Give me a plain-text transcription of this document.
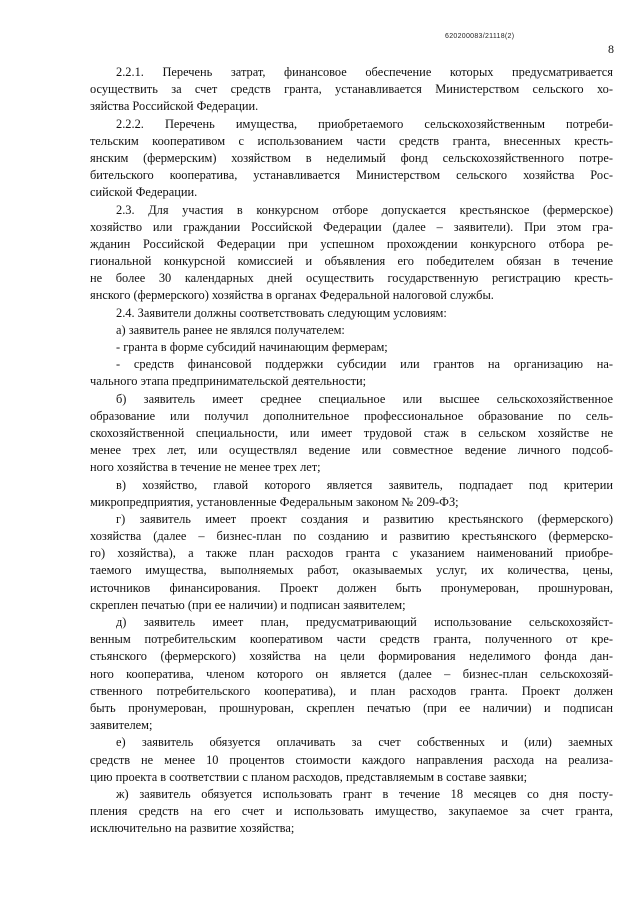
620200083/21118(2)
8
2.2.1. Перечень затрат, финансовое обеспечение которых предусматривается
осуществить за счет средств гранта, устанавливается Министерством сельского хо-
зяйства Российской Федерации.
2.2.2. Перечень имущества, приобретаемого сельскохозяйственным потреби-
тельским кооперативом с использованием части средств гранта, внесенных кресть-
янским (фермерским) хозяйством в неделимый фонд сельскохозяйственного потре-
бительского кооператива, устанавливается Министерством сельского хозяйства Рос-
сийской Федерации.
2.3. Для участия в конкурсном отборе допускается крестьянское (фермерское)
хозяйство или граждании Российской Федерации (далее – заявители). При этом гра-
жданин Российской Федерации при успешном прохождении конкурсного отбора ре-
гиональной конкурсной комиссией и объявления его победителем обязан в течение
не более 30 календарных дней осуществить государственную регистрацию кресть-
янского (фермерского) хозяйства в органах Федеральной налоговой службы.
2.4. Заявители должны соответствовать следующим условиям:
а) заявитель ранее не являлся получателем:
- гранта в форме субсидий начинающим фермерам;
- средств финансовой поддержки субсидии или грантов на организацию на-
чального этапа предпринимательской деятельности;
б) заявитель имеет среднее специальное или высшее сельскохозяйственное
образование или получил дополнительное профессиональное образование по сель-
скохозяйственной специальности, или имеет трудовой стаж в сельском хозяйстве не
менее трех лет, или осуществлял ведение или совместное ведение личного подсоб-
ного хозяйства в течение не менее трех лет;
в) хозяйство, главой которого является заявитель, подпадает под критерии
микропредприятия, установленные Федеральным законом № 209-ФЗ;
г) заявитель имеет проект создания и развитию крестьянского (фермерского)
хозяйства (далее – бизнес-план по созданию и развитию крестьянского (фермерско-
го) хозяйства), а также план расходов гранта с указанием наименований приобре-
таемого имущества, выполняемых работ, оказываемых услуг, их количества, цены,
источников финансирования. Проект должен быть пронумерован, прошнурован,
скреплен печатью (при ее наличии) и подписан заявителем;
д) заявитель имеет план, предусматривающий использование сельскохозяйст-
венным потребительским кооперативом части средств гранта, полученного от кре-
стьянского (фермерского) хозяйства на цели формирования неделимого фонда дан-
ного кооператива, членом которого он является (далее – бизнес-план сельскохозяй-
ственного потребительского кооператива), и план расходов гранта. Проект должен
быть пронумерован, прошнурован, скреплен печатью (при ее наличии) и подписан
заявителем;
е) заявитель обязуется оплачивать за счет собственных и (или) заемных
средств не менее 10 процентов стоимости каждого направления расхода на реализа-
цию проекта в соответствии с планом расходов, представляемым в составе заявки;
ж) заявитель обязуется использовать грант в течение 18 месяцев со дня посту-
пления средств на его счет и использовать имущество, закупаемое за счет гранта,
исключительно на развитие хозяйства;
